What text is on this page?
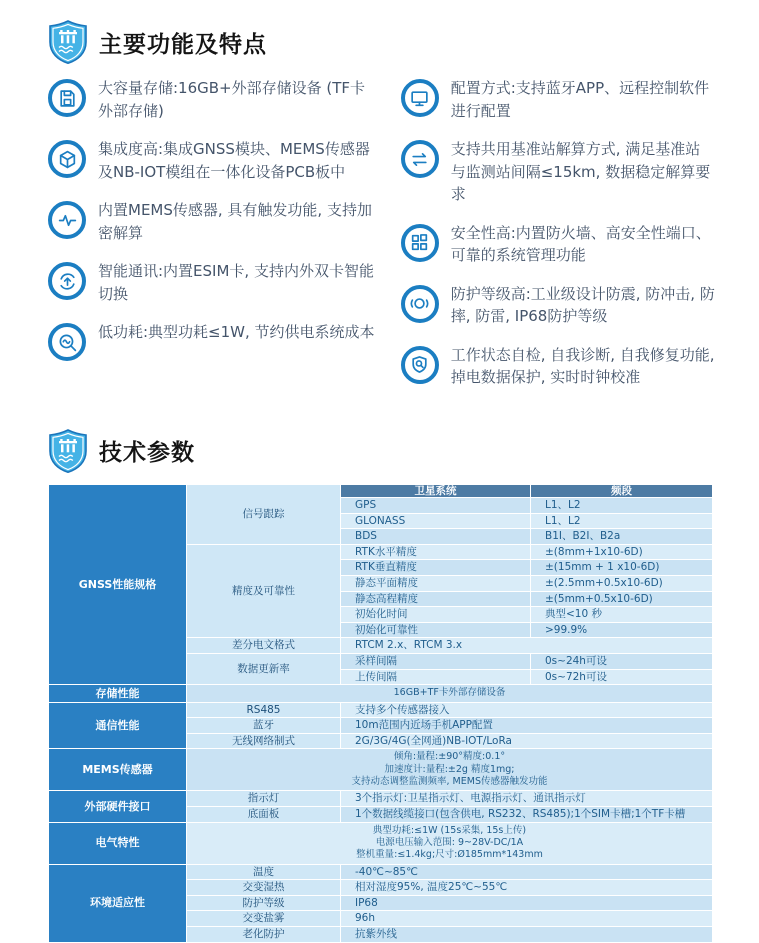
主要功能及特点

大容量存储:16GB+外部存储设备 (TF卡外部存储)

集成度高:集成GNSS模块、MEMS传感器及NB-IOT模组在一体化设备PCB板中

内置MEMS传感器, 具有触发功能, 支持加密解算

智能通讯:内置ESIM卡, 支持内外双卡智能切换

低功耗:典型功耗≤1W, 节约供电系统成本

配置方式:支持蓝牙APP、远程控制软件进行配置

支持共用基准站解算方式, 满足基准站与监测站间隔≤15km, 数据稳定解算要求

安全性高:内置防火墙、高安全性端口、可靠的系统管理功能

防护等级高:工业级设计防震, 防冲击, 防摔, 防雷, IP68防护等级

工作状态自检, 自我诊断, 自我修复功能, 掉电数据保护, 实时时钟校准

技术参数
GNSS性能规格	信号跟踪	卫星系统	频段
		GPS	L1、L2
		GLONASS	L1、L2
		BDS	B1I、B2I、B2a
	精度及可靠性	RTK水平精度	±(8mm+1x10-6D)
		RTK垂直精度	±(15mm + 1 x10-6D)
		静态平面精度	±(2.5mm+0.5x10-6D)
		静态高程精度	±(5mm+0.5x10-6D)
		初始化时间	典型<10 秒
		初始化可靠性	>99.9%
	差分电文格式	RTCM 2.x、RTCM 3.x	
	数据更新率	采样间隔	0s~24h可设
		上传间隔	0s~72h可设
存储性能	16GB+TF卡外部存储设备		
通信性能	RS485	支持多个传感器接入	
	蓝牙	10m范围内近场手机APP配置	
	无线网络制式	2G/3G/4G(全网通)NB-IOT/LoRa	
MEMS传感器	倾角:量程:±90°精度:0.1°
加速度计:量程:±2g 精度1mg;
支持动态调整监测频率, MEMS传感器触发功能		

外部硬件接口	指示灯	3个指示灯:卫星指示灯、电源指示灯、通讯指示灯	
	底面板	1个数据线缆接口(包含供电, RS232、RS485);1个SIM卡槽;1个TF卡槽	
电气特性	典型功耗:≤1W (15s采集, 15s上传)
电源电压输入范围: 9~28V-DC/1A
整机重量:≤1.4kg;尺寸:Ø185mm*143mm		

环境适应性	温度	-40℃~85℃	
	交变湿热	相对湿度95%, 温度25℃~55℃	
	防护等级	IP68	
	交变盐雾	96h	
	老化防护	抗紫外线	
